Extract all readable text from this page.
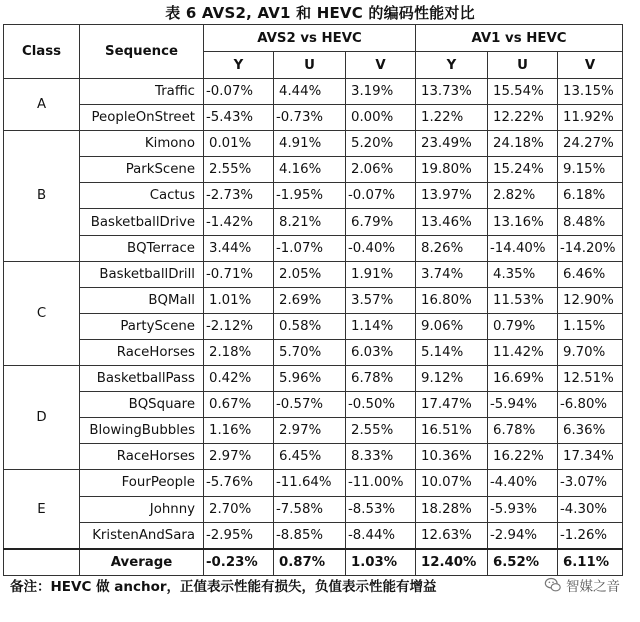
表 6 AVS2, AV1 和 HEVC 的编码性能对比
Class	Sequence	AVS2 vs HEVC			AV1 vs HEVC		
		Y	U	V	Y	U	V
A	Traffic	-0.07%	4.44%	3.19%	13.73%	15.54%	13.15%
	PeopleOnStreet	-5.43%	-0.73%	0.00%	1.22%	12.22%	11.92%
B	Kimono	0.01%	4.91%	5.20%	23.49%	24.18%	24.27%
	ParkScene	2.55%	4.16%	2.06%	19.80%	15.24%	9.15%
	Cactus	-2.73%	-1.95%	-0.07%	13.97%	2.82%	6.18%
	BasketballDrive	-1.42%	8.21%	6.79%	13.46%	13.16%	8.48%
	BQTerrace	3.44%	-1.07%	-0.40%	8.26%	-14.40%	-14.20%
C	BasketballDrill	-0.71%	2.05%	1.91%	3.74%	4.35%	6.46%
	BQMall	1.01%	2.69%	3.57%	16.80%	11.53%	12.90%
	PartyScene	-2.12%	0.58%	1.14%	9.06%	0.79%	1.15%
	RaceHorses	2.18%	5.70%	6.03%	5.14%	11.42%	9.70%
D	BasketballPass	0.42%	5.96%	6.78%	9.12%	16.69%	12.51%
	BQSquare	0.67%	-0.57%	-0.50%	17.47%	-5.94%	-6.80%
	BlowingBubbles	1.16%	2.97%	2.55%	16.51%	6.78%	6.36%
	RaceHorses	2.97%	6.45%	8.33%	10.36%	16.22%	17.34%
E	FourPeople	-5.76%	-11.64%	-11.00%	10.07%	-4.40%	-3.07%
	Johnny	2.70%	-7.58%	-8.53%	18.28%	-5.93%	-4.30%
	KristenAndSara	-2.95%	-8.85%	-8.44%	12.63%	-2.94%	-1.26%
	Average	-0.23%	0.87%	1.03%	12.40%	6.52%	6.11%
备注：HEVC 做 anchor，正值表示性能有损失，负值表示性能有增益	智媒之音
